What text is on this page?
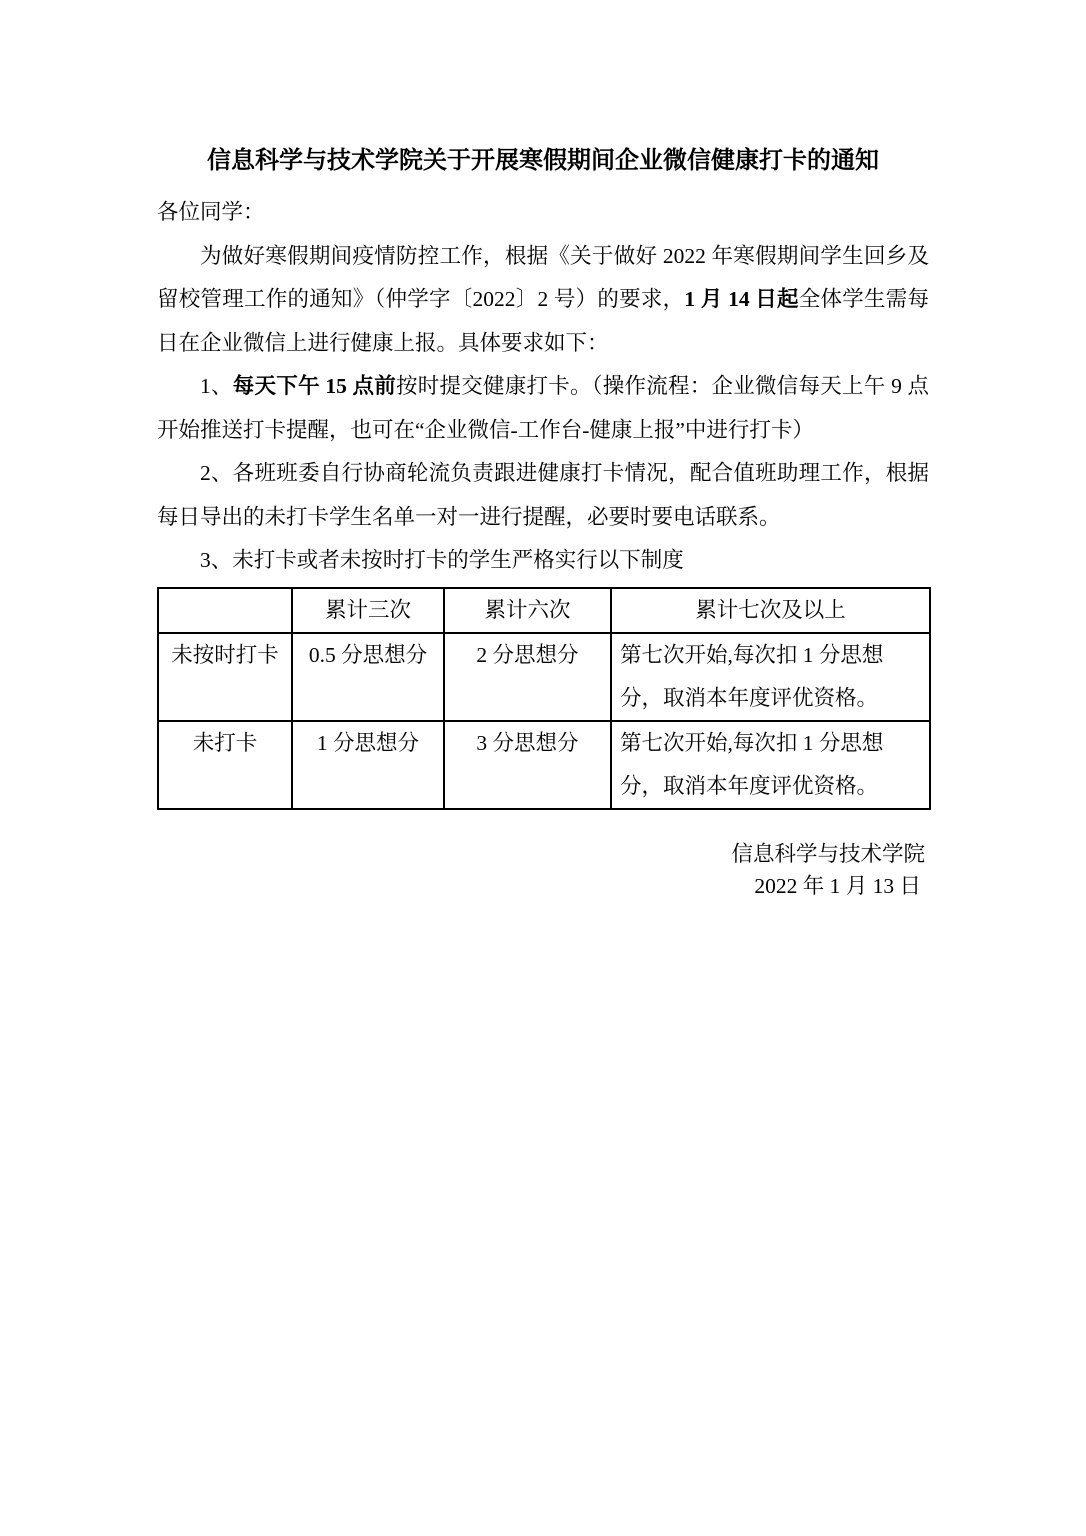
信息科学与技术学院关于开展寒假期间企业微信健康打卡的通知

各位同学：

为做好寒假期间疫情防控工作，根据《关于做好 2022 年寒假期间学生回乡及留校管理工作的通知》（仲学字〔2022〕2 号）的要求，1 月 14 日起全体学生需每日在企业微信上进行健康上报。具体要求如下：

1、每天下午 15 点前按时提交健康打卡。（操作流程：企业微信每天上午 9 点开始推送打卡提醒，也可在“企业微信-工作台-健康上报”中进行打卡）

2、各班班委自行协商轮流负责跟进健康打卡情况，配合值班助理工作，根据每日导出的未打卡学生名单一对一进行提醒，必要时要电话联系。

3、未打卡或者未按时打卡的学生严格实行以下制度

	累计三次	累计六次	累计七次及以上
未按时打卡	0.5 分思想分	2 分思想分	第七次开始,每次扣 1 分思想分，取消本年度评优资格。
未打卡	1 分思想分	3 分思想分	第七次开始,每次扣 1 分思想分，取消本年度评优资格。
信息科学与技术学院
2022 年 1 月 13 日
